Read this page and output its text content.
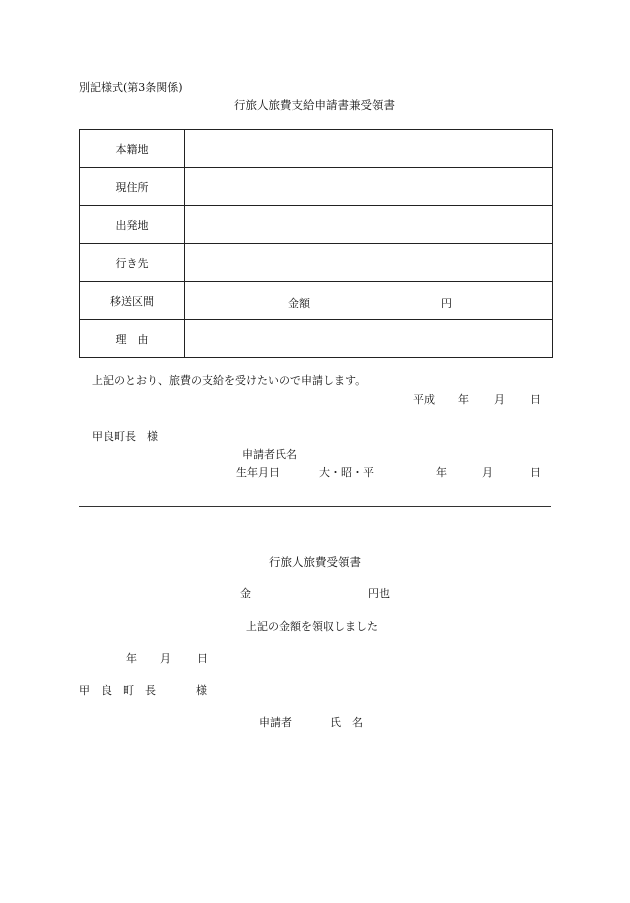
別記様式(第3条関係)
行旅人旅費支給申請書兼受領書
本籍地	
現住所	
出発地	
行き先	
移送区間	金額 円

理　由	
上記のとおり、旅費の支給を受けたいので申請します。
平成 年 月 日
甲良町長　様
申請者氏名
生年月日	大・昭・平	年	月	日
行旅人旅費受領書
金	円也
上記の金額を領収しました
年 月 日
甲　良　町　長	様
申請者	氏　名
